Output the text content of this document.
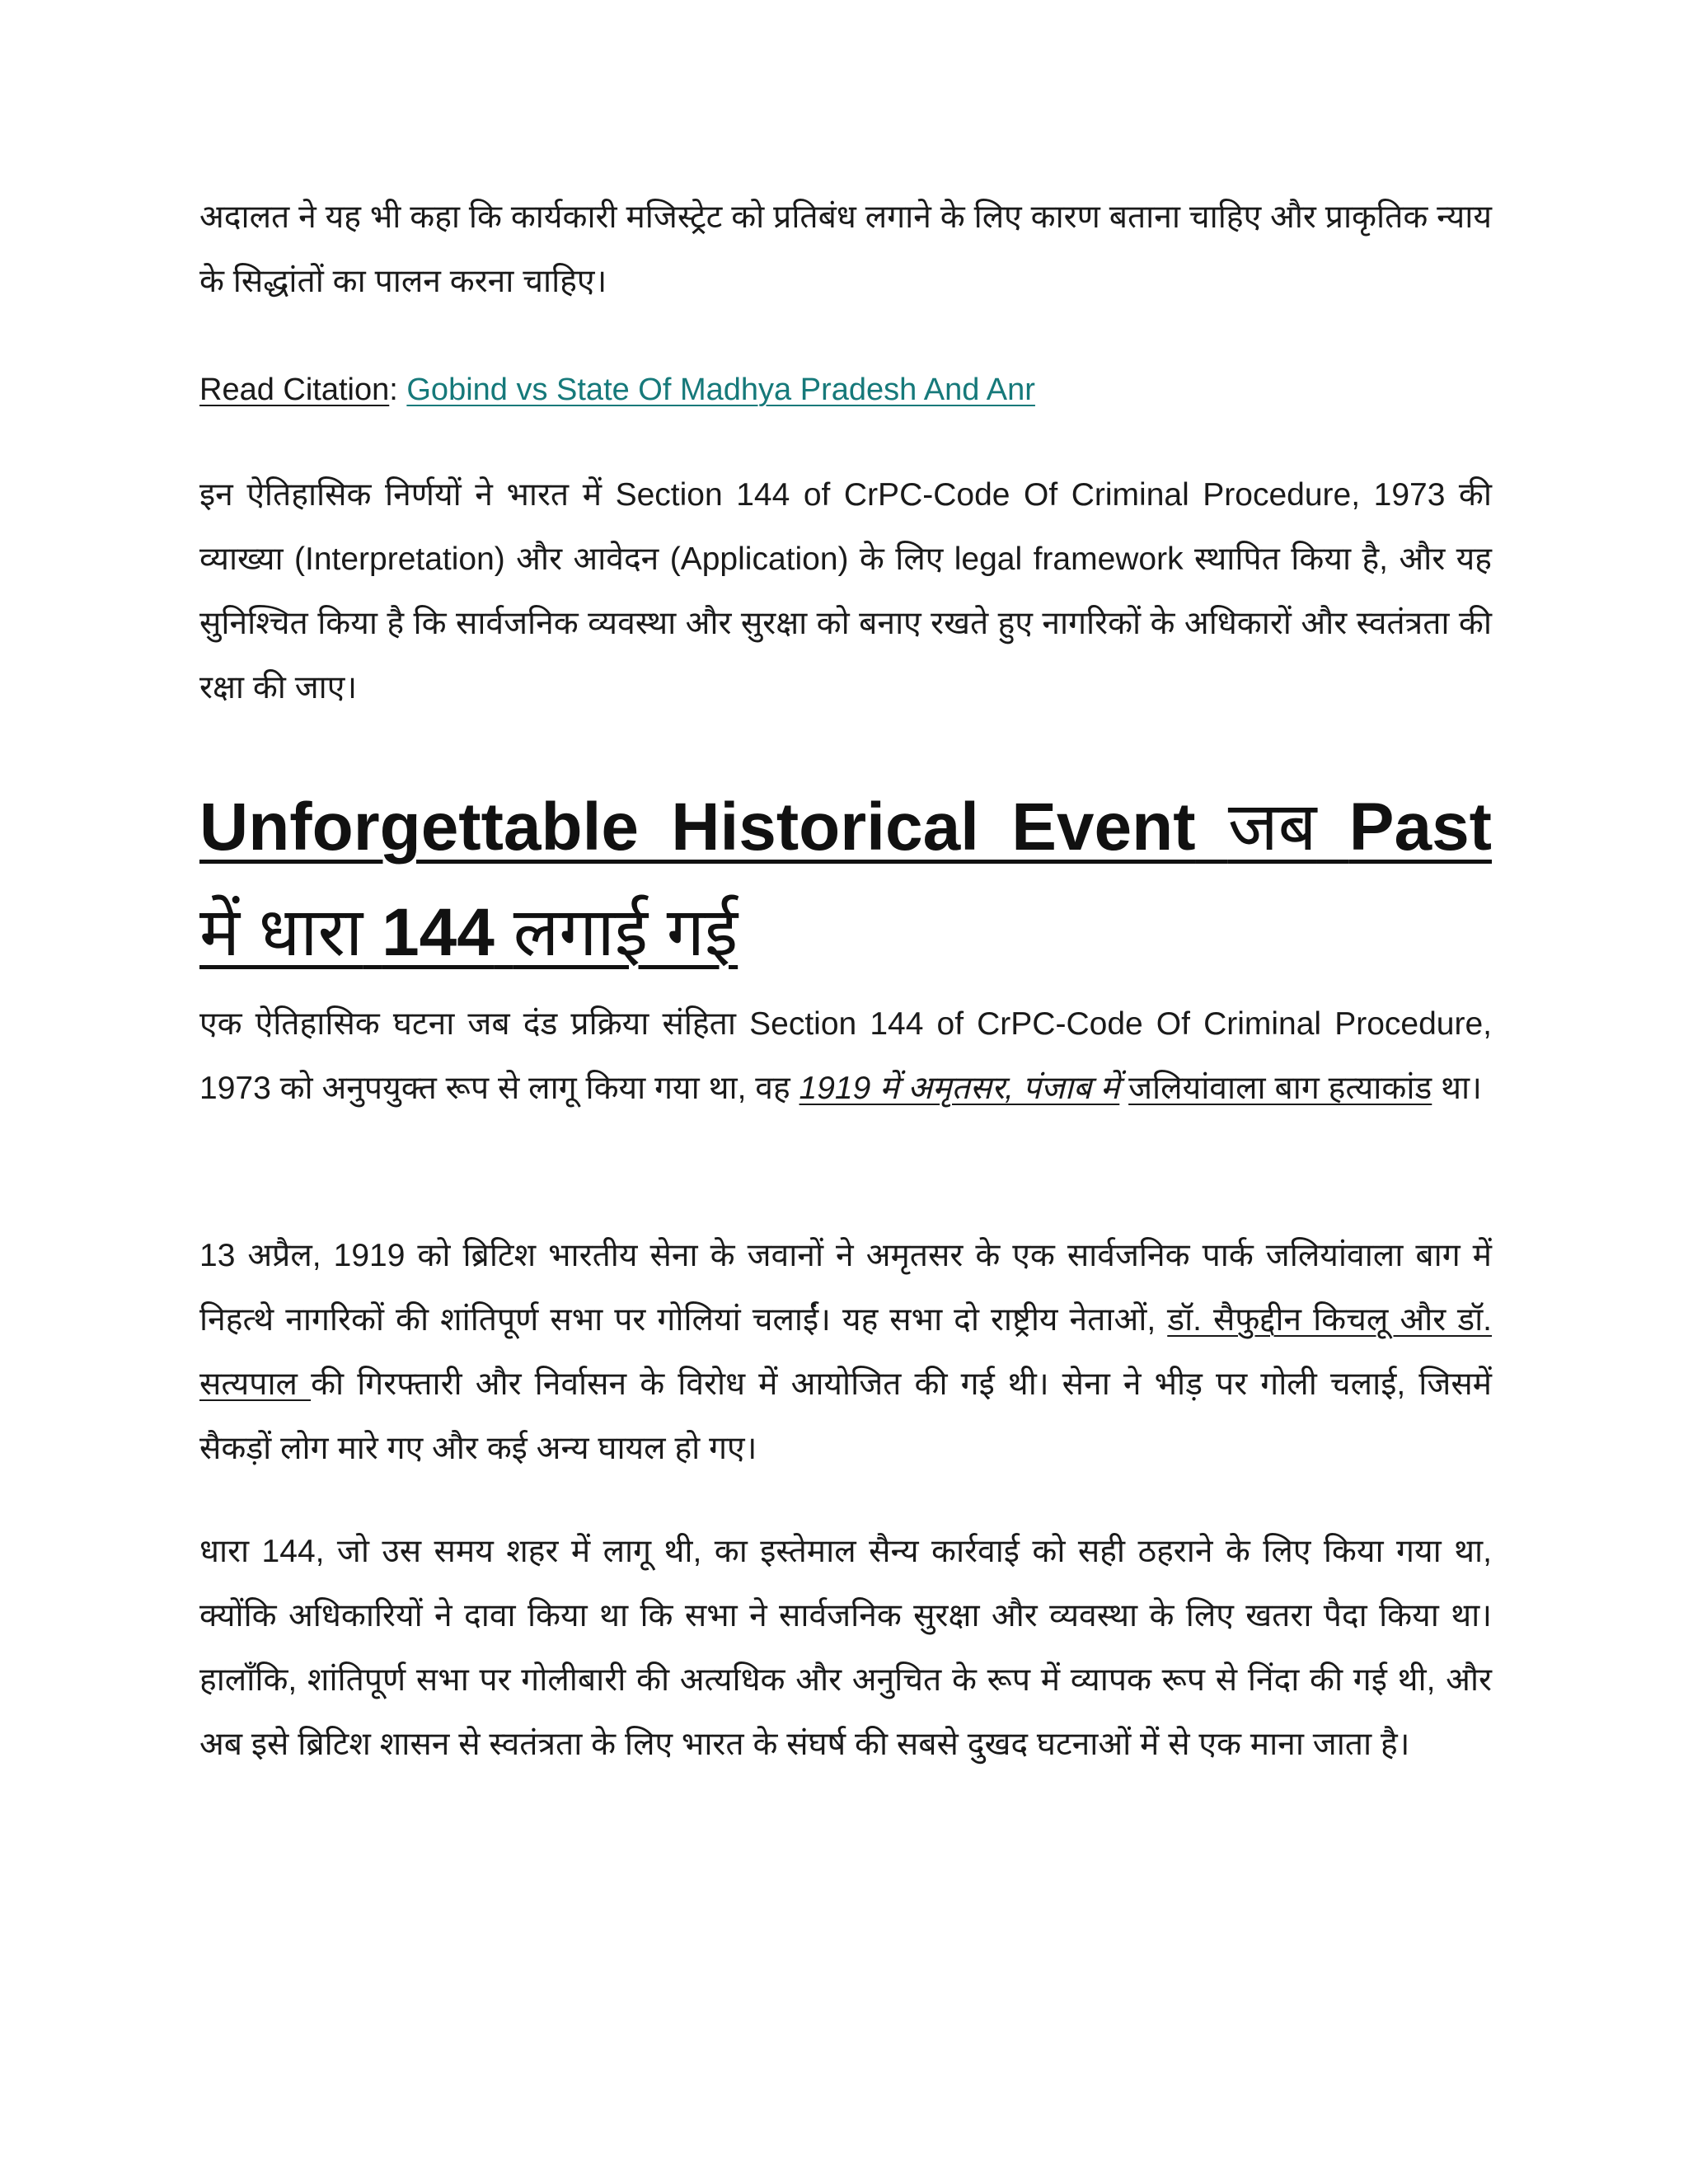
अदालत ने यह भी कहा कि कार्यकारी मजिस्ट्रेट को प्रतिबंध लगाने के लिए कारण बताना चाहिए और प्राकृतिक न्याय के सिद्धांतों का पालन करना चाहिए।

Read Citation: Gobind vs State Of Madhya Pradesh And Anr

इन ऐतिहासिक निर्णयों ने भारत में Section 144 of CrPC-Code Of Criminal Procedure, 1973 की व्याख्या (Interpretation) और आवेदन (Application) के लिए legal framework स्थापित किया है, और यह सुनिश्चित किया है कि सार्वजनिक व्यवस्था और सुरक्षा को बनाए रखते हुए नागरिकों के अधिकारों और स्वतंत्रता की रक्षा की जाए।

Unforgettable Historical Event जब Past में धारा 144 लगाई गई

एक ऐतिहासिक घटना जब दंड प्रक्रिया संहिता Section 144 of CrPC-Code Of Criminal Procedure, 1973 को अनुपयुक्त रूप से लागू किया गया था, वह 1919 में अमृतसर, पंजाब में जलियांवाला बाग हत्याकांड था।

13 अप्रैल, 1919 को ब्रिटिश भारतीय सेना के जवानों ने अमृतसर के एक सार्वजनिक पार्क जलियांवाला बाग में निहत्थे नागरिकों की शांतिपूर्ण सभा पर गोलियां चलाईं। यह सभा दो राष्ट्रीय नेताओं, डॉ. सैफुद्दीन किचलू और डॉ. सत्यपाल की गिरफ्तारी और निर्वासन के विरोध में आयोजित की गई थी। सेना ने भीड़ पर गोली चलाई, जिसमें सैकड़ों लोग मारे गए और कई अन्य घायल हो गए।

धारा 144, जो उस समय शहर में लागू थी, का इस्तेमाल सैन्य कार्रवाई को सही ठहराने के लिए किया गया था, क्योंकि अधिकारियों ने दावा किया था कि सभा ने सार्वजनिक सुरक्षा और व्यवस्था के लिए खतरा पैदा किया था। हालाँकि, शांतिपूर्ण सभा पर गोलीबारी की अत्यधिक और अनुचित के रूप में व्यापक रूप से निंदा की गई थी, और अब इसे ब्रिटिश शासन से स्वतंत्रता के लिए भारत के संघर्ष की सबसे दुखद घटनाओं में से एक माना जाता है।
